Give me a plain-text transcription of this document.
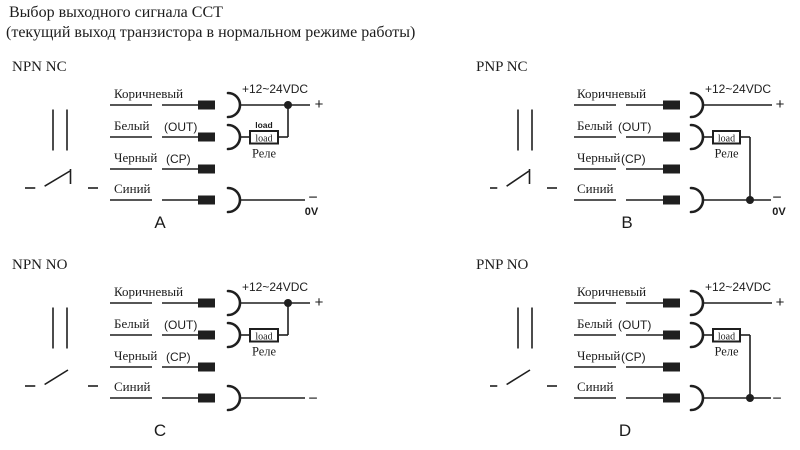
Выбор выходного сигнала ССТ
(текущий выход транзистора в нормальном режиме работы)
NPN NC
Коричневый	+12~24VDC
+
Белый (OUT)	load
load
Реле
Черный (CP)
Синий
−
0V
A
PNP NC
Коричневый	+12~24VDC
+
Белый (OUT)
load
Реле
Черный (CP)
Синий
−
0V
B
NPN NO
Коричневый	+12~24VDC
+
Белый (OUT)
load
Реле
Черный (CP)
Синий
−
C
PNP NO
Коричневый	+12~24VDC
+
Белый (OUT)
load
Реле
Черный (CP)
Синий
−
D
